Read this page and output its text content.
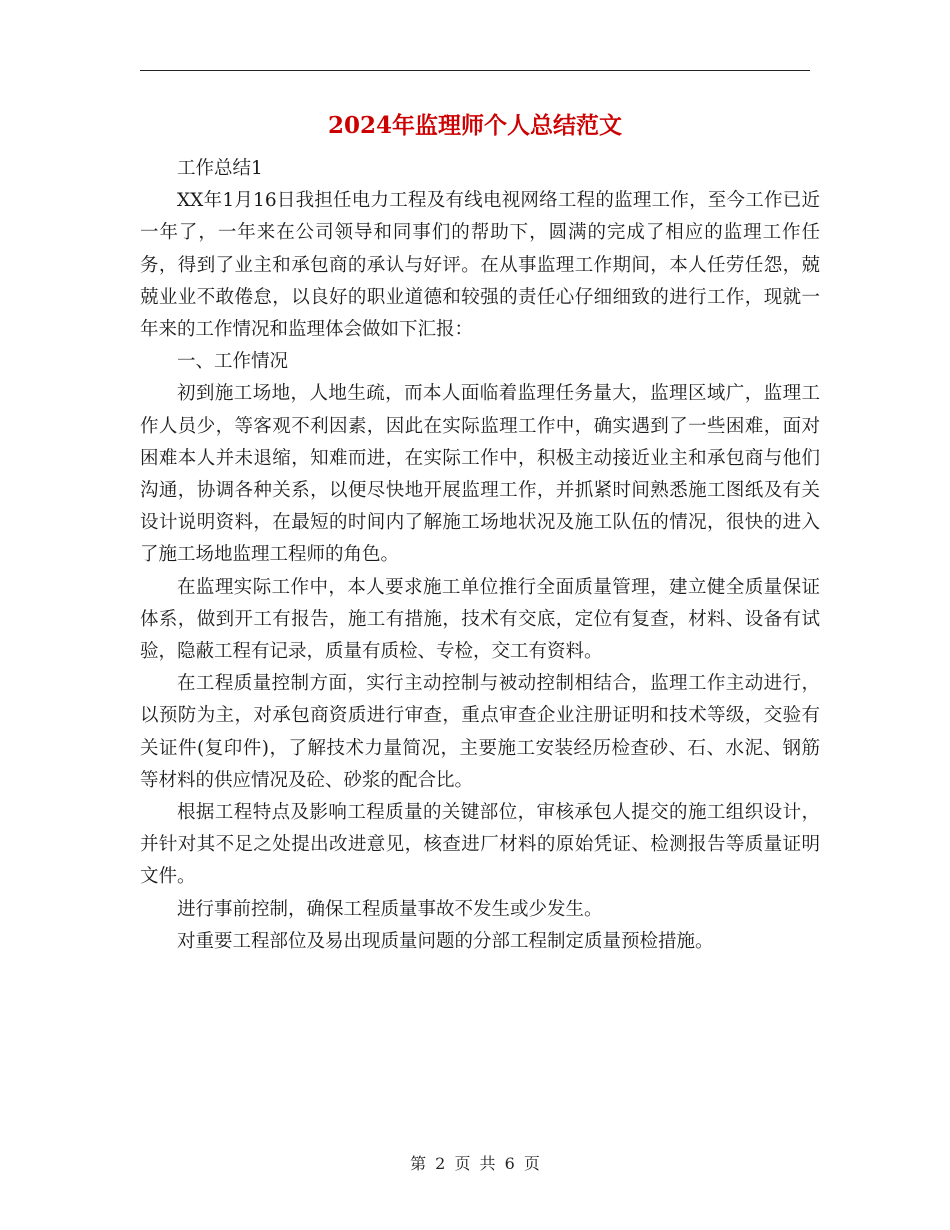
2024年监理师个人总结范文

工作总结1

XX年1月16日我担任电力工程及有线电视网络工程的监理工作，至今工作已近一年了，一年来在公司领导和同事们的帮助下，圆满的完成了相应的监理工作任务，得到了业主和承包商的承认与好评。在从事监理工作期间，本人任劳任怨，兢兢业业不敢倦怠，以良好的职业道德和较强的责任心仔细细致的进行工作，现就一年来的工作情况和监理体会做如下汇报：

一、工作情况

初到施工场地，人地生疏，而本人面临着监理任务量大，监理区域广，监理工作人员少，等客观不利因素，因此在实际监理工作中，确实遇到了一些困难，面对困难本人并未退缩，知难而进，在实际工作中，积极主动接近业主和承包商与他们沟通，协调各种关系，以便尽快地开展监理工作，并抓紧时间熟悉施工图纸及有关设计说明资料，在最短的时间内了解施工场地状况及施工队伍的情况，很快的进入了施工场地监理工程师的角色。

在监理实际工作中，本人要求施工单位推行全面质量管理，建立健全质量保证体系，做到开工有报告，施工有措施，技术有交底，定位有复查，材料、设备有试验，隐蔽工程有记录，质量有质检、专检，交工有资料。

在工程质量控制方面，实行主动控制与被动控制相结合，监理工作主动进行，以预防为主，对承包商资质进行审查，重点审查企业注册证明和技术等级，交验有关证件(复印件)，了解技术力量简况，主要施工安装经历检查砂、石、水泥、钢筋等材料的供应情况及砼、砂浆的配合比。

根据工程特点及影响工程质量的关键部位，审核承包人提交的施工组织设计，并针对其不足之处提出改进意见，核查进厂材料的原始凭证、检测报告等质量证明文件。

进行事前控制，确保工程质量事故不发生或少发生。

对重要工程部位及易出现质量问题的分部工程制定质量预检措施。

第 2 页 共 6 页
